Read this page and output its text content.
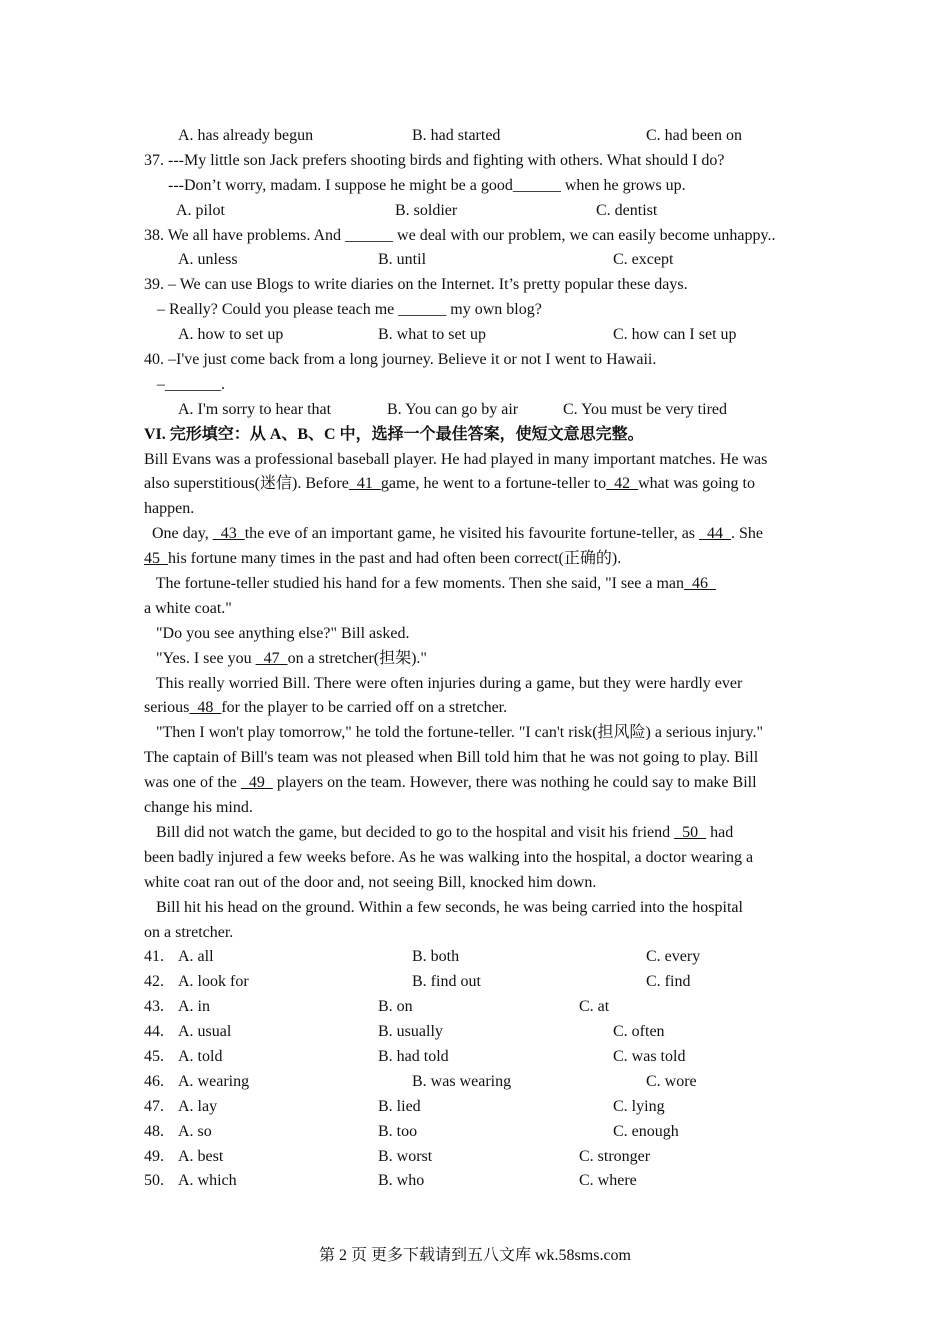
A. has already begun	B. had started	C. had been on
37. ---My little son Jack prefers shooting birds and fighting with others. What should I do?
---Don’t worry, madam. I suppose he might be a good______ when he grows up.
A. pilot	B. soldier	C. dentist
38. We all have problems. And ______ we deal with our problem, we can easily become unhappy..
A. unless	B. until	C. except
39. – We can use Blogs to write diaries on the Internet. It’s pretty popular these days.
– Really? Could you please teach me ______ my own blog?
A. how to set up	B. what to set up	C. how can I set up
40. –I've just come back from a long journey. Believe it or not I went to Hawaii.
–_______.
A. I'm sorry to hear that	B. You can go by air	C. You must be very tired
VI. 完形填空：从 A、B、C 中，选择一个最佳答案，使短文意思完整。
Bill Evans was a professional baseball player. He had played in many important matches. He was
also superstitious(迷信). Before  41  game, he went to a fortune-teller to  42  what was going to
happen.
One day,   43  the eve of an important game, he visited his favourite fortune-teller, as   44  . She
45  his fortune many times in the past and had often been correct(正确的).
The fortune-teller studied his hand for a few moments. Then she said, "I see a man  46
a white coat."
"Do you see anything else?" Bill asked.
"Yes. I see you   47  on a stretcher(担架)."
This really worried Bill. There were often injuries during a game, but they were hardly ever
serious  48  for the player to be carried off on a stretcher.
"Then I won't play tomorrow," he told the fortune-teller. "I can't risk(担风险) a serious injury."
The captain of Bill's team was not pleased when Bill told him that he was not going to play. Bill
was one of the   49   players on the team. However, there was nothing he could say to make Bill
change his mind.
Bill did not watch the game, but decided to go to the hospital and visit his friend   50   had
been badly injured a few weeks before. As he was walking into the hospital, a doctor wearing a
white coat ran out of the door and, not seeing Bill, knocked him down.
Bill hit his head on the ground. Within a few seconds, he was being carried into the hospital
on a stretcher.
41. A. all	B. both	C. every
42. A. look for	B. find out	C. find
43. A. in	B. on	C. at
44. A. usual	B. usually	C. often
45. A. told	B. had told	C. was told
46. A. wearing	B. was wearing	C. wore
47. A. lay	B. lied	C. lying
48. A. so	B. too	C. enough
49. A. best	B. worst	C. stronger
50. A. which	B. who	C. where
第 2 页 更多下载请到五八文库 wk.58sms.com
